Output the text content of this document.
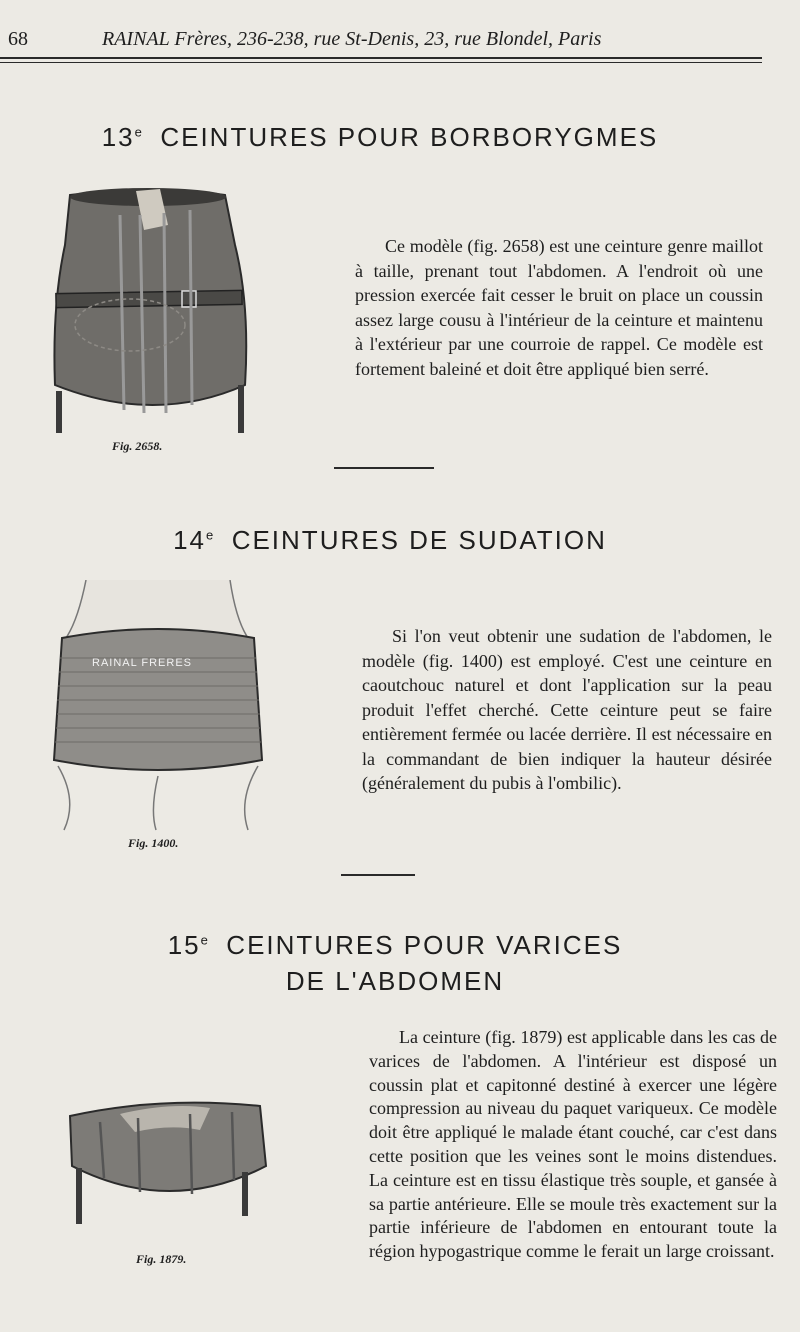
68	RAINAL Frères, 236-238, rue St-Denis, 23, rue Blondel, Paris
13e CEINTURES POUR BORBORYGMES
Fig. 2658.
Ce modèle (fig. 2658) est une ceinture genre maillot à taille, prenant tout l'abdomen. A l'endroit où une pression exercée fait cesser le bruit on place un coussin assez large cousu à l'intérieur de la ceinture et maintenu à l'extérieur par une courroie de rappel. Ce modèle est fortement baleiné et doit être appliqué bien serré.
14e CEINTURES DE SUDATION
RAINAL FRERES
Fig. 1400.
Si l'on veut obtenir une sudation de l'abdomen, le modèle (fig. 1400) est employé. C'est une ceinture en caoutchouc naturel et dont l'application sur la peau produit l'effet cherché. Cette ceinture peut se faire entièrement fermée ou lacée derrière. Il est nécessaire en la commandant de bien indiquer la hauteur désirée (généralement du pubis à l'ombilic).
15e CEINTURES POUR VARICES
DE L'ABDOMEN
Fig. 1879.
La ceinture (fig. 1879) est applicable dans les cas de varices de l'abdomen. A l'intérieur est disposé un coussin plat et capitonné destiné à exercer une légère compression au niveau du paquet variqueux. Ce modèle doit être appliqué le malade étant couché, car c'est dans cette position que les veines sont le moins distendues. La ceinture est en tissu élastique très souple, et gansée à sa partie antérieure. Elle se moule très exactement sur la partie inférieure de l'abdomen en entourant toute la région hypogastrique comme le ferait un large croissant.
